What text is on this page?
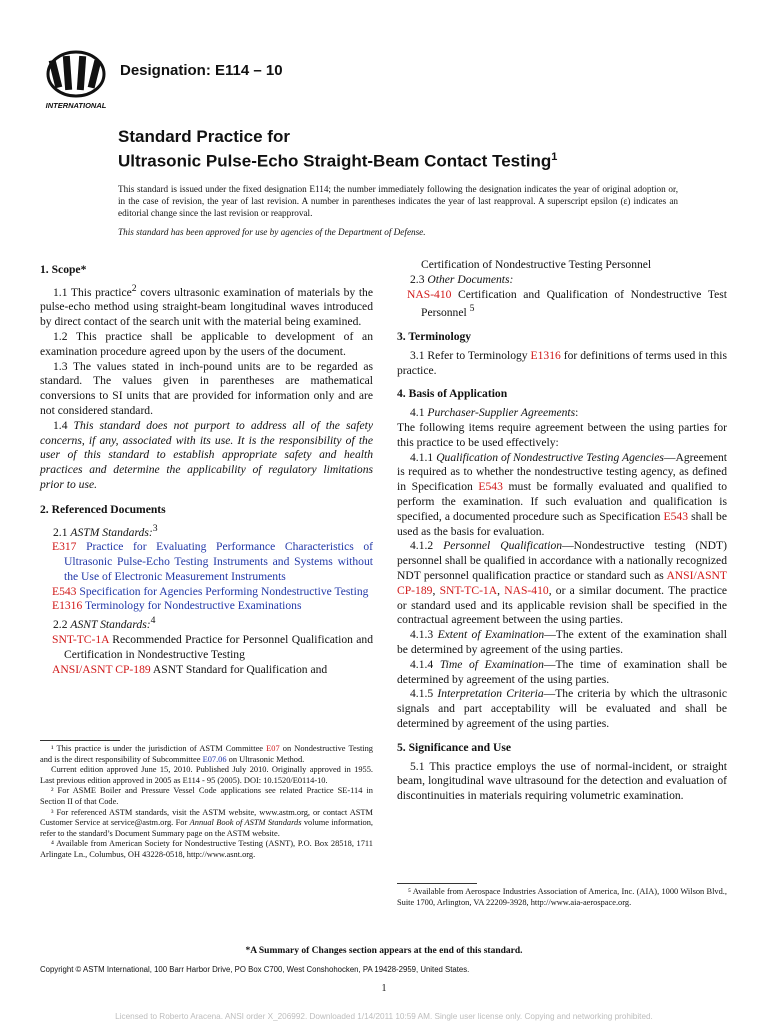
INTERNATIONAL
Designation: E114 – 10
Standard Practice for
Ultrasonic Pulse-Echo Straight-Beam Contact Testing$^1$
This standard is issued under the fixed designation E114; the number immediately following the designation indicates the year of original adoption or, in the case of revision, the year of last revision. A number in parentheses indicates the year of last reapproval. A superscript epsilon (ε) indicates an editorial change since the last revision or reapproval.
This standard has been approved for use by agencies of the Department of Defense.

1. Scope*

1.1 This practice$^2$ covers ultrasonic examination of materials by the pulse-echo method using straight-beam longitudinal waves introduced by direct contact of the search unit with the material being examined.

1.2 This practice shall be applicable to development of an examination procedure agreed upon by the users of the document.

1.3 The values stated in inch-pound units are to be regarded as standard. The values given in parentheses are mathematical conversions to SI units that are provided for information only and are not considered standard.

1.4 This standard does not purport to address all of the safety concerns, if any, associated with its use. It is the responsibility of the user of this standard to establish appropriate safety and health practices and determine the applicability of regulatory limitations prior to use.

2. Referenced Documents

2.1 ASTM Standards:$^3$

E317 Practice for Evaluating Performance Characteristics of Ultrasonic Pulse-Echo Testing Instruments and Systems without the Use of Electronic Measurement Instruments

E543 Specification for Agencies Performing Nondestructive Testing

E1316 Terminology for Nondestructive Examinations

2.2 ASNT Standards:$^4$

SNT-TC-1A Recommended Practice for Personnel Qualification and Certification in Nondestructive Testing

ANSI/ASNT CP-189 ASNT Standard for Qualification and

Certification of Nondestructive Testing Personnel

2.3 Other Documents:

NAS-410 Certification and Qualification of Nondestructive Test Personnel $^5$

3. Terminology

3.1 Refer to Terminology E1316 for definitions of terms used in this practice.

4. Basis of Application

4.1 Purchaser-Supplier Agreements:

The following items require agreement between the using parties for this practice to be used effectively:

4.1.1 Qualification of Nondestructive Testing Agencies—Agreement is required as to whether the nondestructive testing agency, as defined in Specification E543 must be formally evaluated and qualified to perform the examination. If such evaluation and qualification is specified, a documented procedure such as Specification E543 shall be used as the basis for evaluation.

4.1.2 Personnel Qualification—Nondestructive testing (NDT) personnel shall be qualified in accordance with a nationally recognized NDT personnel qualification practice or standard such as ANSI/ASNT CP-189, SNT-TC-1A, NAS-410, or a similar document. The practice or standard used and its applicable revision shall be specified in the contractual agreement between the using parties.

4.1.3 Extent of Examination—The extent of the examination shall be determined by agreement of the using parties.

4.1.4 Time of Examination—The time of examination shall be determined by agreement of the using parties.

4.1.5 Interpretation Criteria—The criteria by which the ultrasonic signals and part acceptability will be evaluated and shall be determined by agreement of the using parties.

5. Significance and Use

5.1 This practice employs the use of normal-incident, or straight beam, longitudinal wave ultrasound for the detection and evaluation of discontinuities in materials requiring volumetric examination.

¹ This practice is under the jurisdiction of ASTM Committee E07 on Nondestructive Testing and is the direct responsibility of Subcommittee E07.06 on Ultrasonic Method.

Current edition approved June 15, 2010. Published July 2010. Originally approved in 1955. Last previous edition approved in 2005 as E114 - 95 (2005). DOI: 10.1520/E0114-10.

² For ASME Boiler and Pressure Vessel Code applications see related Practice SE-114 in Section II of that Code.

³ For referenced ASTM standards, visit the ASTM website, www.astm.org, or contact ASTM Customer Service at service@astm.org. For Annual Book of ASTM Standards volume information, refer to the standard’s Document Summary page on the ASTM website.

⁴ Available from American Society for Nondestructive Testing (ASNT), P.O. Box 28518, 1711 Arlingate Ln., Columbus, OH 43228-0518, http://www.asnt.org.

⁵ Available from Aerospace Industries Association of America, Inc. (AIA), 1000 Wilson Blvd., Suite 1700, Arlington, VA 22209-3928, http://www.aia-aerospace.org.

*A Summary of Changes section appears at the end of this standard.
Copyright © ASTM International, 100 Barr Harbor Drive, PO Box C700, West Conshohocken, PA 19428-2959, United States.
1
Licensed to Roberto Aracena. ANSI order X_206992. Downloaded 1/14/2011 10:59 AM. Single user license only. Copying and networking prohibited.
